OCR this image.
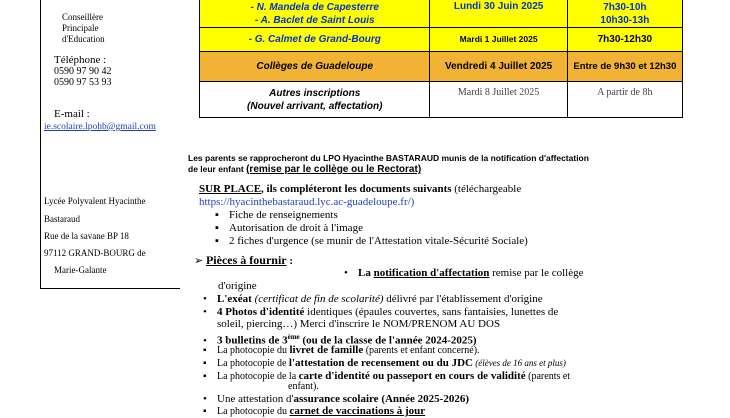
Conseillère
Principale
d'Education
Téléphone :
0590 97 90 42
0590 97 53 93
E-mail :
ie.scolaire.lpohb@gmail.com
Lycée Polyvalent Hyacinthe
Bastaraud
Rue de la savane BP 18
97112 GRAND-BOURG de
Marie-Galante
- N. Mandela de Capesterre
- A. Baclet de Saint Louis	Lundi 30 Juin 2025	7h30-10h
10h30-13h

- G. Calmet de Grand-Bourg	Mardi 1 Juillet 2025	7h30-12h30

Collèges de Guadeloupe	Vendredi 4 Juillet 2025	Entre de 9h30 et 12h30

Autres inscriptions
(Nouvel arrivant, affectation)	Mardi 8 Juillet 2025	A partir de 8h
Les parents se rapprocheront du LPO Hyacinthe BASTARAUD munis de la notification d'affectation
de leur enfant (remise par le collège ou le Rectorat)
SUR PLACE, ils compléteront les documents suivants (téléchargeable
https://hyacinthebastaraud.lyc.ac-guadeloupe.fr/)
▪ Fiche de renseignements
▪ Autorisation de droit à l'image
▪ 2 fiches d'urgence (se munir de l'Attestation vitale-Sécurité Sociale)
➢ Pièces à fournir :
• La notification d'affectation remise par le collège
d'origine
• L'exéat (certificat de fin de scolarité) délivré par l'établissement d'origine
• 4 Photos d'identité identiques (épaules couvertes, sans fantaisies, lunettes de
soleil, piercing…) Merci d'inscrire le NOM/PRENOM AU DOS
• 3 bulletins de 3ème (ou de la classe de l'année 2024-2025)
▪ La photocopie du livret de famille (parents et enfant concerné).
▪ La photocopie de l'attestation de recensement ou du JDC (élèves de 16 ans et plus)
▪ La photocopie de la carte d'identité ou passeport en cours de validité (parents et
enfant).
• Une attestation d'assurance scolaire (Année 2025-2026)
▪ La photocopie du carnet de vaccinations à jour
